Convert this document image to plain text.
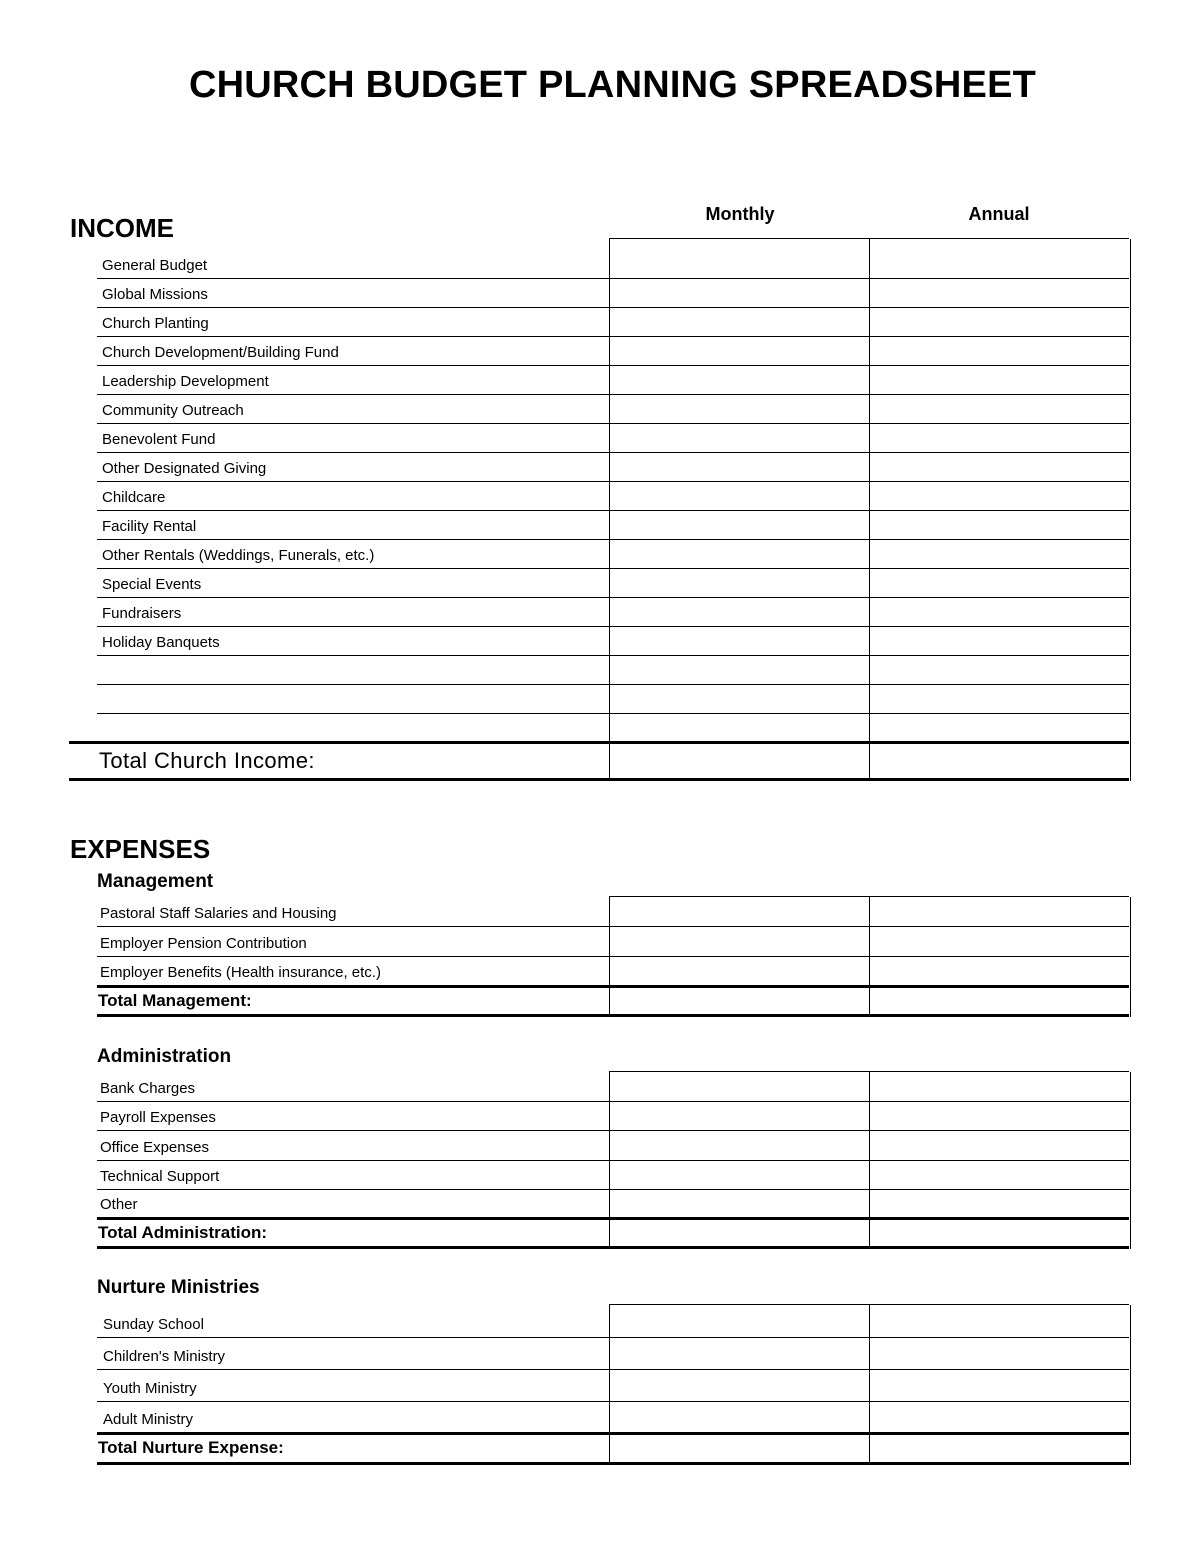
CHURCH BUDGET PLANNING SPREADSHEET
Monthly	Annual
INCOME
General Budget
Global Missions
Church Planting
Church Development/Building Fund
Leadership Development
Community Outreach
Benevolent Fund
Other Designated Giving
Childcare
Facility Rental
Other Rentals (Weddings, Funerals, etc.)
Special Events
Fundraisers
Holiday Banquets
Total Church Income:
EXPENSES
Management
Pastoral Staff Salaries and Housing
Employer Pension Contribution
Employer Benefits (Health insurance, etc.)
Total Management:
Administration
Bank Charges
Payroll Expenses
Office Expenses
Technical Support
Other
Total Administration:
Nurture Ministries
Sunday School
Children's Ministry
Youth Ministry
Adult Ministry
Total Nurture Expense:
